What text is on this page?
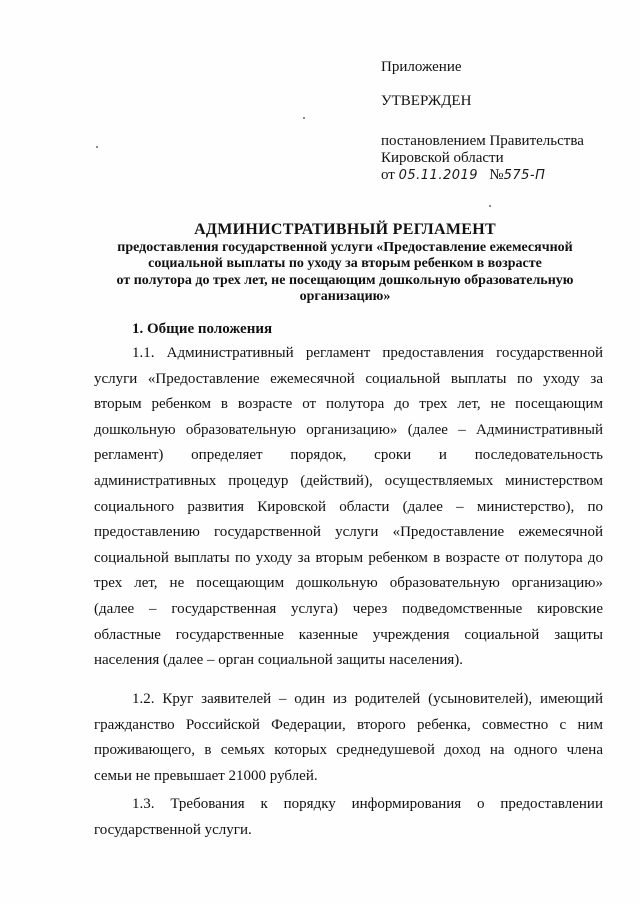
Приложение
УТВЕРЖДЕН
постановлением Правительства
Кировской области
от 05.11.2019 №575-П
АДМИНИСТРАТИВНЫЙ РЕГЛАМЕНТ
предоставления государственной услуги «Предоставление ежемесячной
социальной выплаты по уходу за вторым ребенком в возрасте
от полутора до трех лет, не посещающим дошкольную образовательную
организацию»
1. Общие положения
1.1. Административный регламент предоставления государственной
услуги «Предоставление ежемесячной социальной выплаты по уходу за
вторым ребенком в возрасте от полутора до трех лет, не посещающим
дошкольную образовательную организацию» (далее – Административный
регламент) определяет порядок, сроки и последовательность
административных процедур (действий), осуществляемых министерством
социального развития Кировской области (далее – министерство), по
предоставлению государственной услуги «Предоставление ежемесячной
социальной выплаты по уходу за вторым ребенком в возрасте от полутора до
трех лет, не посещающим дошкольную образовательную организацию»
(далее – государственная услуга) через подведомственные кировские
областные государственные казенные учреждения социальной защиты
населения (далее – орган социальной защиты населения).
1.2. Круг заявителей – один из родителей (усыновителей), имеющий
гражданство Российской Федерации, второго ребенка, совместно с ним
проживающего, в семьях которых среднедушевой доход на одного члена
семьи не превышает 21000 рублей.
1.3. Требования к порядку информирования о предоставлении
государственной услуги.
